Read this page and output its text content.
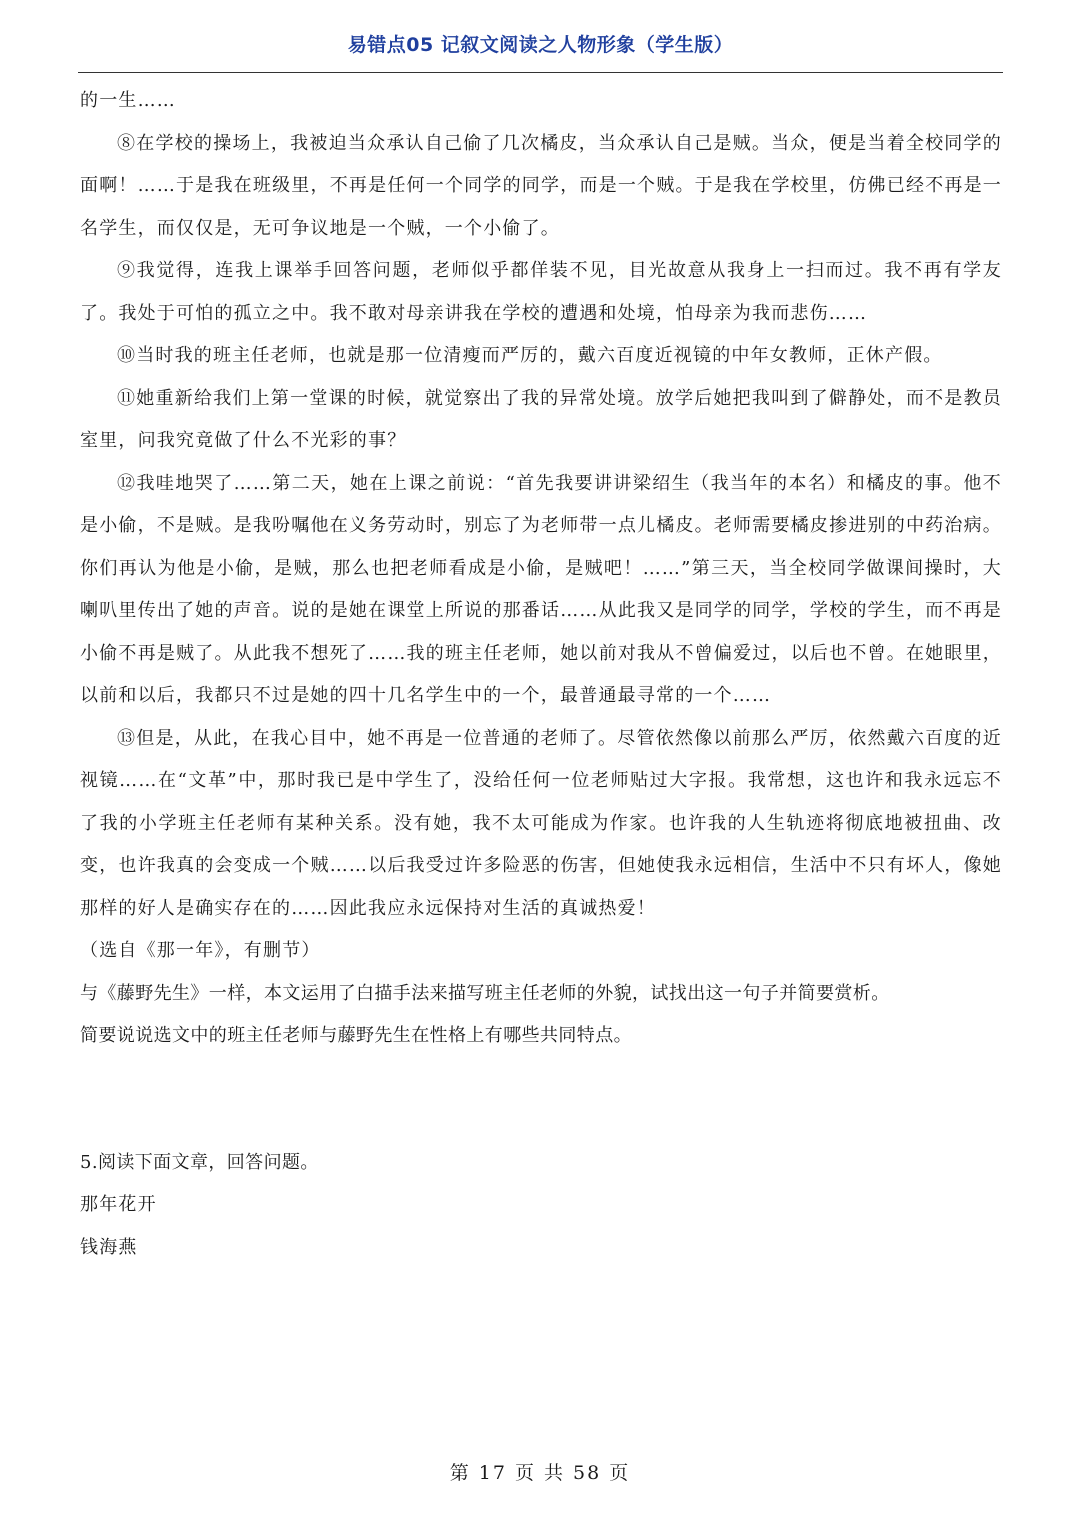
易错点05 记叙文阅读之人物形象（学生版）

的一生……

⑧在学校的操场上，我被迫当众承认自己偷了几次橘皮，当众承认自己是贼。当众，便是当着全校同学的面啊！……于是我在班级里，不再是任何一个同学的同学，而是一个贼。于是我在学校里，仿佛已经不再是一名学生，而仅仅是，无可争议地是一个贼，一个小偷了。

⑨我觉得，连我上课举手回答问题，老师似乎都佯装不见，目光故意从我身上一扫而过。我不再有学友了。我处于可怕的孤立之中。我不敢对母亲讲我在学校的遭遇和处境，怕母亲为我而悲伤……

⑩当时我的班主任老师，也就是那一位清瘦而严厉的，戴六百度近视镜的中年女教师，正休产假。

⑪她重新给我们上第一堂课的时候，就觉察出了我的异常处境。放学后她把我叫到了僻静处，而不是教员室里，问我究竟做了什么不光彩的事？

⑫我哇地哭了……第二天，她在上课之前说：“首先我要讲讲梁绍生（我当年的本名）和橘皮的事。他不是小偷，不是贼。是我吩嘱他在义务劳动时，别忘了为老师带一点儿橘皮。老师需要橘皮掺进别的中药治病。你们再认为他是小偷，是贼，那么也把老师看成是小偷，是贼吧！……”第三天，当全校同学做课间操时，大喇叭里传出了她的声音。说的是她在课堂上所说的那番话……从此我又是同学的同学，学校的学生，而不再是小偷不再是贼了。从此我不想死了……我的班主任老师，她以前对我从不曾偏爱过，以后也不曾。在她眼里，以前和以后，我都只不过是她的四十几名学生中的一个，最普通最寻常的一个……

⑬但是，从此，在我心目中，她不再是一位普通的老师了。尽管依然像以前那么严厉，依然戴六百度的近视镜……在“文革”中，那时我已是中学生了，没给任何一位老师贴过大字报。我常想，这也许和我永远忘不了我的小学班主任老师有某种关系。没有她，我不太可能成为作家。也许我的人生轨迹将彻底地被扭曲、改变，也许我真的会变成一个贼……以后我受过许多险恶的伤害，但她使我永远相信，生活中不只有坏人，像她那样的好人是确实存在的……因此我应永远保持对生活的真诚热爱！

（选自《那一年》，有删节）

与《藤野先生》一样，本文运用了白描手法来描写班主任老师的外貌，试找出这一句子并简要赏析。

简要说说选文中的班主任老师与藤野先生在性格上有哪些共同特点。

5.阅读下面文章，回答问题。

那年花开

钱海燕

第 17 页 共 58 页
